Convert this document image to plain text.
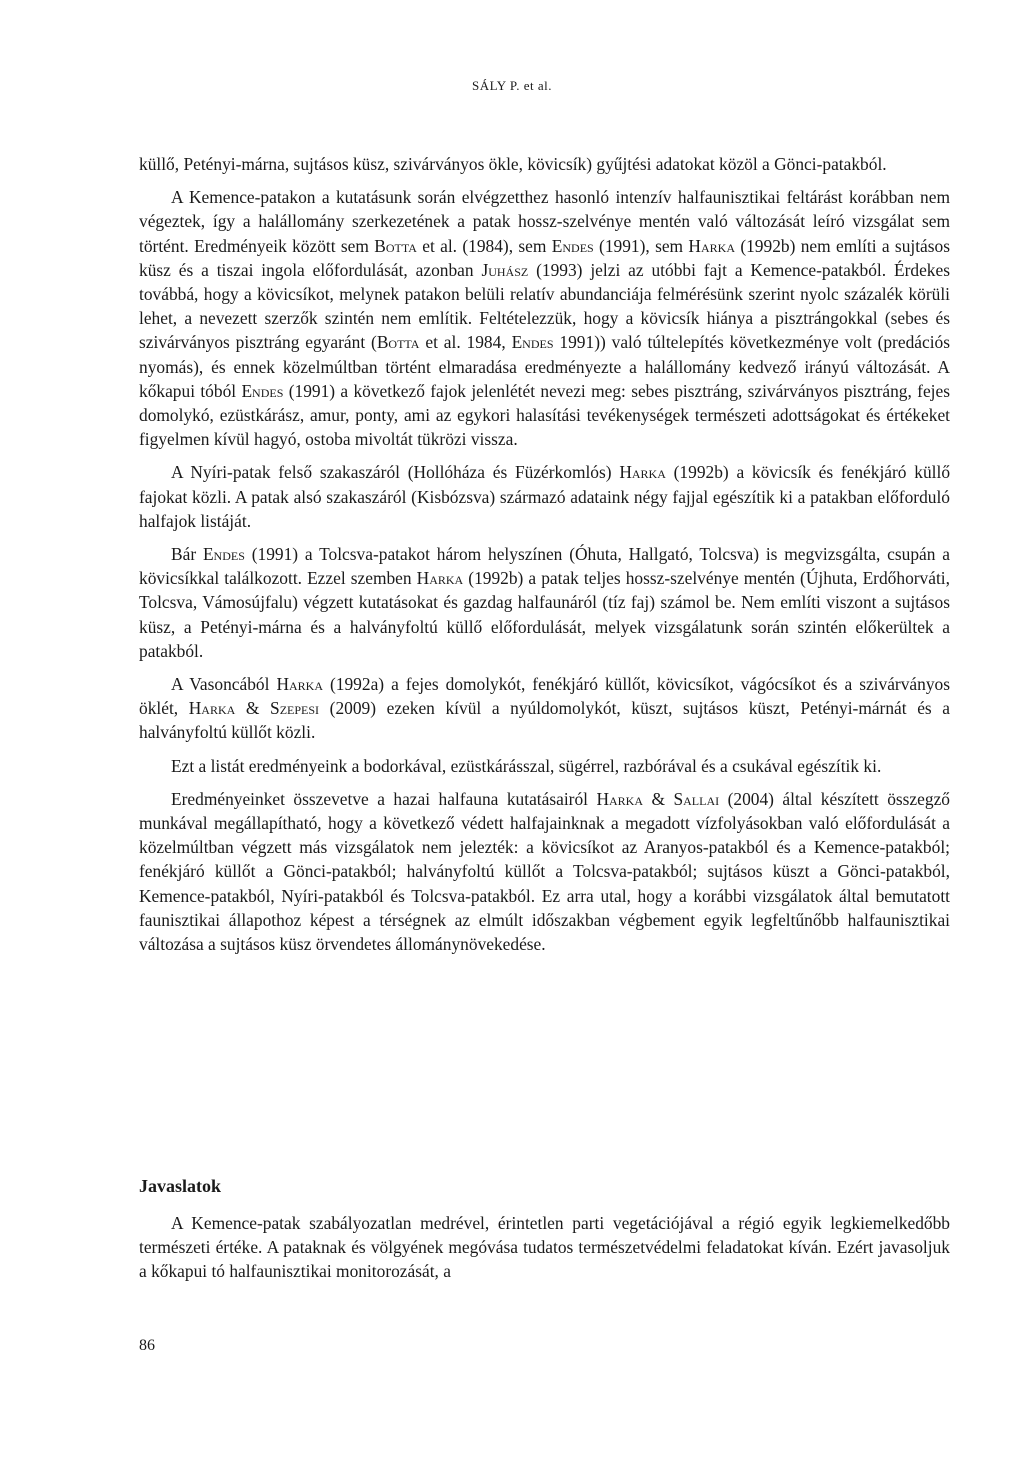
SÁLY P. et al.

küllő, Petényi-márna, sujtásos küsz, szivárványos ökle, kövicsík) gyűjtési adatokat közöl a Gönci-patakból.

A Kemence-patakon a kutatásunk során elvégzetthez hasonló intenzív halfaunisztikai feltárást korábban nem végeztek, így a halállomány szerkezetének a patak hossz-szelvénye mentén való változását leíró vizsgálat sem történt. Eredményeik között sem Botta et al. (1984), sem Endes (1991), sem Harka (1992b) nem említi a sujtásos küsz és a tiszai ingola előfordulását, azonban Juhász (1993) jelzi az utóbbi fajt a Kemence-patakból. Érdekes továbbá, hogy a kövicsíkot, melynek patakon belüli relatív abundanciája felmérésünk szerint nyolc százalék körüli lehet, a nevezett szerzők szintén nem említik. Feltételezzük, hogy a kövicsík hiánya a pisztrángokkal (sebes és szivárványos pisztráng egyaránt (Botta et al. 1984, Endes 1991)) való túltelepítés következménye volt (predációs nyomás), és ennek közelmúltban történt elmaradása eredményezte a halállomány kedvező irányú változását. A kőkapui tóból Endes (1991) a következő fajok jelenlétét nevezi meg: sebes pisztráng, szivárványos pisztráng, fejes domolykó, ezüstkárász, amur, ponty, ami az egykori halasítási tevékenységek természeti adottságokat és értékeket figyelmen kívül hagyó, ostoba mivoltát tükrözi vissza.

A Nyíri-patak felső szakaszáról (Hollóháza és Füzérkomlós) Harka (1992b) a kövicsík és fenékjáró küllő fajokat közli. A patak alsó szakaszáról (Kisbózsva) származó adataink négy fajjal egészítik ki a patakban előforduló halfajok listáját.

Bár Endes (1991) a Tolcsva-patakot három helyszínen (Óhuta, Hallgató, Tolcsva) is megvizsgálta, csupán a kövicsíkkal találkozott. Ezzel szemben Harka (1992b) a patak teljes hossz-szelvénye mentén (Újhuta, Erdőhorváti, Tolcsva, Vámosújfalu) végzett kutatásokat és gazdag halfaunáról (tíz faj) számol be. Nem említi viszont a sujtásos küsz, a Petényi-márna és a halványfoltú küllő előfordulását, melyek vizsgálatunk során szintén előkerültek a patakból.

A Vasoncából Harka (1992a) a fejes domolykót, fenékjáró küllőt, kövicsíkot, vágócsíkot és a szivárványos öklét, Harka & Szepesi (2009) ezeken kívül a nyúldomolykót, küszt, sujtásos küszt, Petényi-márnát és a halványfoltú küllőt közli.

Ezt a listát eredményeink a bodorkával, ezüstkárásszal, sügérrel, razbórával és a csukával egészítik ki.

Eredményeinket összevetve a hazai halfauna kutatásairól Harka & Sallai (2004) által készített összegző munkával megállapítható, hogy a következő védett halfajainknak a megadott vízfolyásokban való előfordulását a közelmúltban végzett más vizsgálatok nem jelezték: a kövicsíkot az Aranyos-patakból és a Kemence-patakból; fenékjáró küllőt a Gönci-patakból; halványfoltú küllőt a Tolcsva-patakból; sujtásos küszt a Gönci-patakból, Kemence-patakból, Nyíri-patakból és Tolcsva-patakból. Ez arra utal, hogy a korábbi vizsgálatok által bemutatott faunisztikai állapothoz képest a térségnek az elmúlt időszakban végbement egyik legfeltűnőbb halfaunisztikai változása a sujtásos küsz örvendetes állománynövekedése.

Javaslatok

A Kemence-patak szabályozatlan medrével, érintetlen parti vegetációjával a régió egyik legkiemelkedőbb természeti értéke. A pataknak és völgyének megóvása tudatos természetvédelmi feladatokat kíván. Ezért javasoljuk a kőkapui tó halfaunisztikai monitorozását, a

86
